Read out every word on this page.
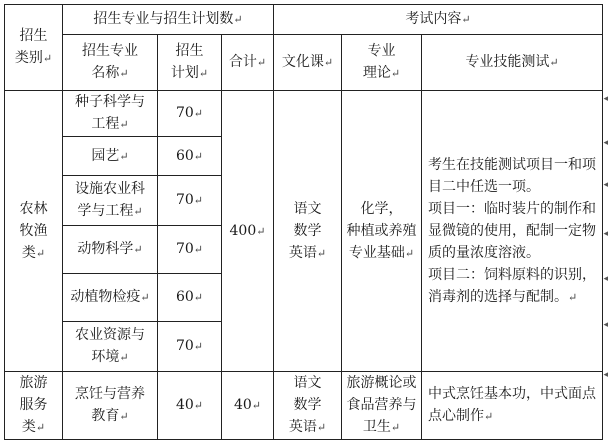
招生
类别 ↵	招生专业与招生计划数 ↵			考试内容 ↵
	招生专业
名称 ↵	招生
计划 ↵	合计 ↵	文化课 ↵	专业
理论 ↵	专业技能测试 ↵
农林
牧渔
类 ↵	种子科学与
工程 ↵	70 ↵	400 ↵	语文
数学
英语 ↵	化学，
种植或养殖
专业基础 ↵	考生在技能测试项目一和项目二中任选一项。
项目一：临时装片的制作和显微镜的使用，配制一定物质的量浓度溶液。
项目二：饲料原料的识别，消毒剂的选择与配制。 ↵
	园艺 ↵	60 ↵
	设施农业科
学与工程 ↵	70 ↵
	动物科学 ↵	70 ↵
	动植物检疫 ↵	60 ↵
	农业资源与
环境 ↵	70 ↵
旅游
服务
类 ↵	烹饪与营养
教育 ↵	40 ↵	40 ↵	语文
数学
英语 ↵	旅游概论或
食品营养与
卫生 ↵	中式烹饪基本功，中式面点点心制作 ↵
◂
◂
◂
◂
◂
◂
◂
